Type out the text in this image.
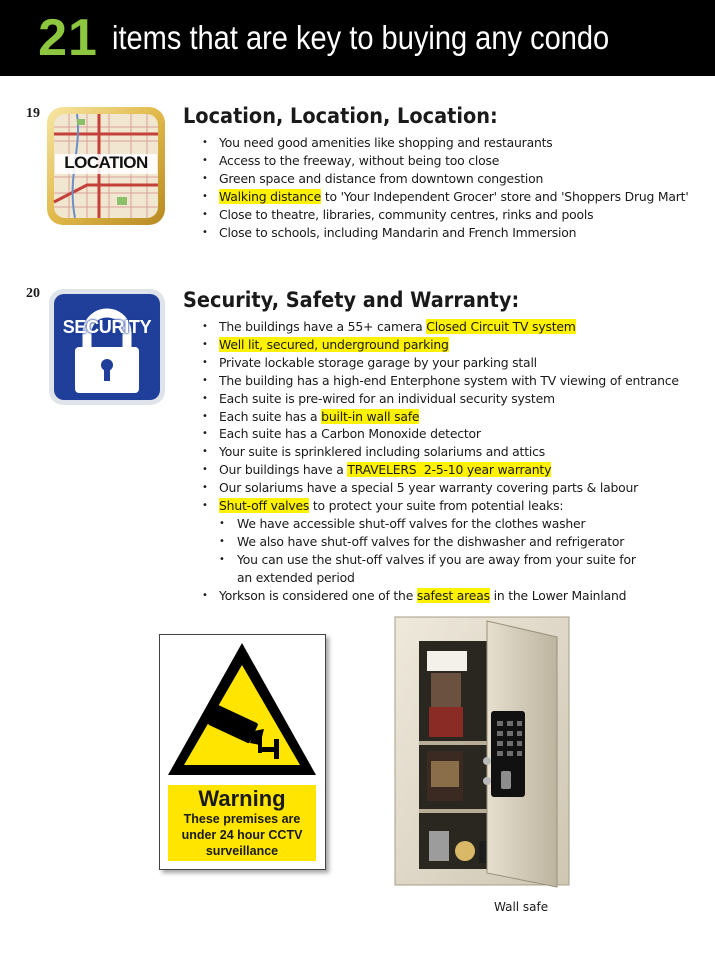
21 items that are key to buying any condo
19
LOCATION
Location, Location, Location:
• You need good amenities like shopping and restaurants
• Access to the freeway, without being too close
• Green space and distance from downtown congestion
• Walking distance to 'Your Independent Grocer' store and 'Shoppers Drug Mart'
• Close to theatre, libraries, community centres, rinks and pools
• Close to schools, including Mandarin and French Immersion
20
SECURITY
Security, Safety and Warranty:
• The buildings have a 55+ camera Closed Circuit TV system
• Well lit, secured, underground parking
• Private lockable storage garage by your parking stall
• The building has a high-end Enterphone system with TV viewing of entrance
• Each suite is pre-wired for an individual security system
• Each suite has a built-in wall safe
• Each suite has a Carbon Monoxide detector
• Your suite is sprinklered including solariums and attics
• Our buildings have a TRAVELERS  2-5-10 year warranty
• Our solariums have a special 5 year warranty covering parts & labour
• Shut-off valves to protect your suite from potential leaks:
• We have accessible shut-off valves for the clothes washer
• We also have shut-off valves for the dishwasher and refrigerator
• You can use the shut-off valves if you are away from your suite for
an extended period
• Yorkson is considered one of the safest areas in the Lower Mainland
Warning
These premises are
under 24 hour CCTV
surveillance
Wall safe
